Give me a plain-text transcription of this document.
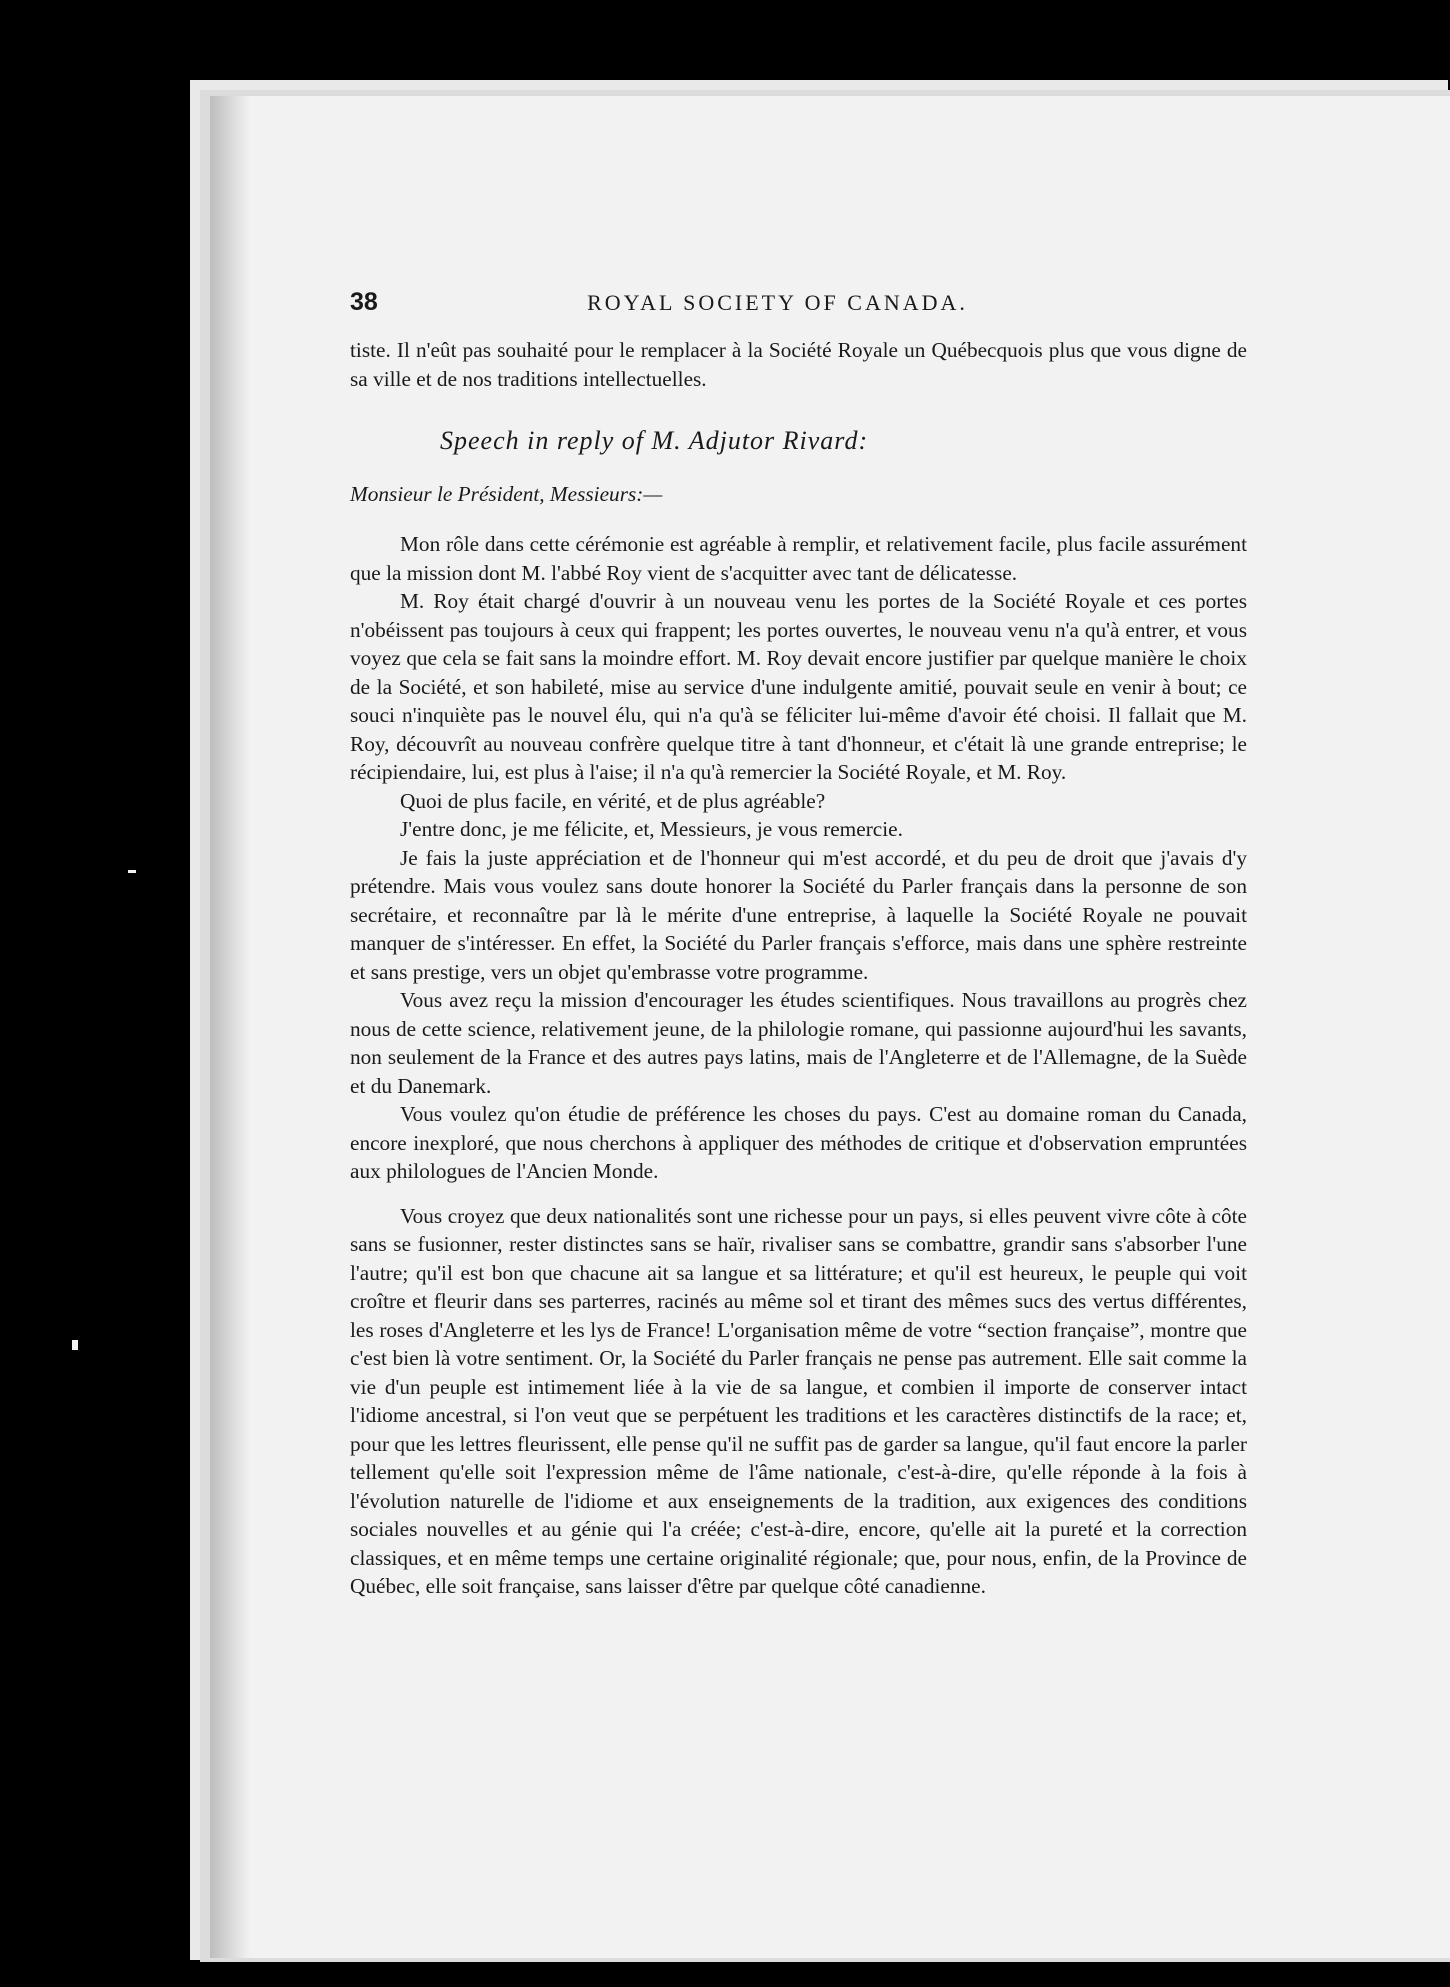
38	ROYAL SOCIETY OF CANADA.

tiste. Il n'eût pas souhaité pour le remplacer à la Société Royale un Québecquois plus que vous digne de sa ville et de nos traditions intellectuelles.

Speech in reply of M. Adjutor Rivard:

Monsieur le Président, Messieurs:—

Mon rôle dans cette cérémonie est agréable à remplir, et relativement facile, plus facile assurément que la mission dont M. l'abbé Roy vient de s'acquitter avec tant de délicatesse.

M. Roy était chargé d'ouvrir à un nouveau venu les portes de la Société Royale et ces portes n'obéissent pas toujours à ceux qui frappent; les portes ouvertes, le nouveau venu n'a qu'à entrer, et vous voyez que cela se fait sans la moindre effort. M. Roy devait encore justifier par quelque manière le choix de la Société, et son habileté, mise au service d'une indulgente amitié, pouvait seule en venir à bout; ce souci n'inquiète pas le nouvel élu, qui n'a qu'à se féliciter lui-même d'avoir été choisi. Il fallait que M. Roy, découvrît au nouveau confrère quelque titre à tant d'honneur, et c'était là une grande entreprise; le récipiendaire, lui, est plus à l'aise; il n'a qu'à remercier la Société Royale, et M. Roy.

Quoi de plus facile, en vérité, et de plus agréable?

J'entre donc, je me félicite, et, Messieurs, je vous remercie.

Je fais la juste appréciation et de l'honneur qui m'est accordé, et du peu de droit que j'avais d'y prétendre. Mais vous voulez sans doute honorer la Société du Parler français dans la personne de son secrétaire, et reconnaître par là le mérite d'une entreprise, à laquelle la Société Royale ne pouvait manquer de s'intéresser. En effet, la Société du Parler français s'efforce, mais dans une sphère restreinte et sans prestige, vers un objet qu'embrasse votre programme.

Vous avez reçu la mission d'encourager les études scientifiques. Nous travaillons au progrès chez nous de cette science, relativement jeune, de la philologie romane, qui passionne aujourd'hui les savants, non seulement de la France et des autres pays latins, mais de l'Angleterre et de l'Allemagne, de la Suède et du Danemark.

Vous voulez qu'on étudie de préférence les choses du pays. C'est au domaine roman du Canada, encore inexploré, que nous cherchons à appliquer des méthodes de critique et d'observation empruntées aux philologues de l'Ancien Monde.

Vous croyez que deux nationalités sont une richesse pour un pays, si elles peuvent vivre côte à côte sans se fusionner, rester distinctes sans se haïr, rivaliser sans se combattre, grandir sans s'absorber l'une l'autre; qu'il est bon que chacune ait sa langue et sa littérature; et qu'il est heureux, le peuple qui voit croître et fleurir dans ses parterres, racinés au même sol et tirant des mêmes sucs des vertus différentes, les roses d'Angleterre et les lys de France! L'organisation même de votre “section française”, montre que c'est bien là votre sentiment. Or, la Société du Parler français ne pense pas autrement. Elle sait comme la vie d'un peuple est intimement liée à la vie de sa langue, et combien il importe de conserver intact l'idiome ancestral, si l'on veut que se perpétuent les traditions et les caractères distinctifs de la race; et, pour que les lettres fleurissent, elle pense qu'il ne suffit pas de garder sa langue, qu'il faut encore la parler tellement qu'elle soit l'expression même de l'âme nationale, c'est-à-dire, qu'elle réponde à la fois à l'évolution naturelle de l'idiome et aux enseignements de la tradition, aux exigences des conditions sociales nouvelles et au génie qui l'a créée; c'est-à-dire, encore, qu'elle ait la pureté et la correction classiques, et en même temps une certaine originalité régionale; que, pour nous, enfin, de la Province de Québec, elle soit française, sans laisser d'être par quelque côté canadienne.
